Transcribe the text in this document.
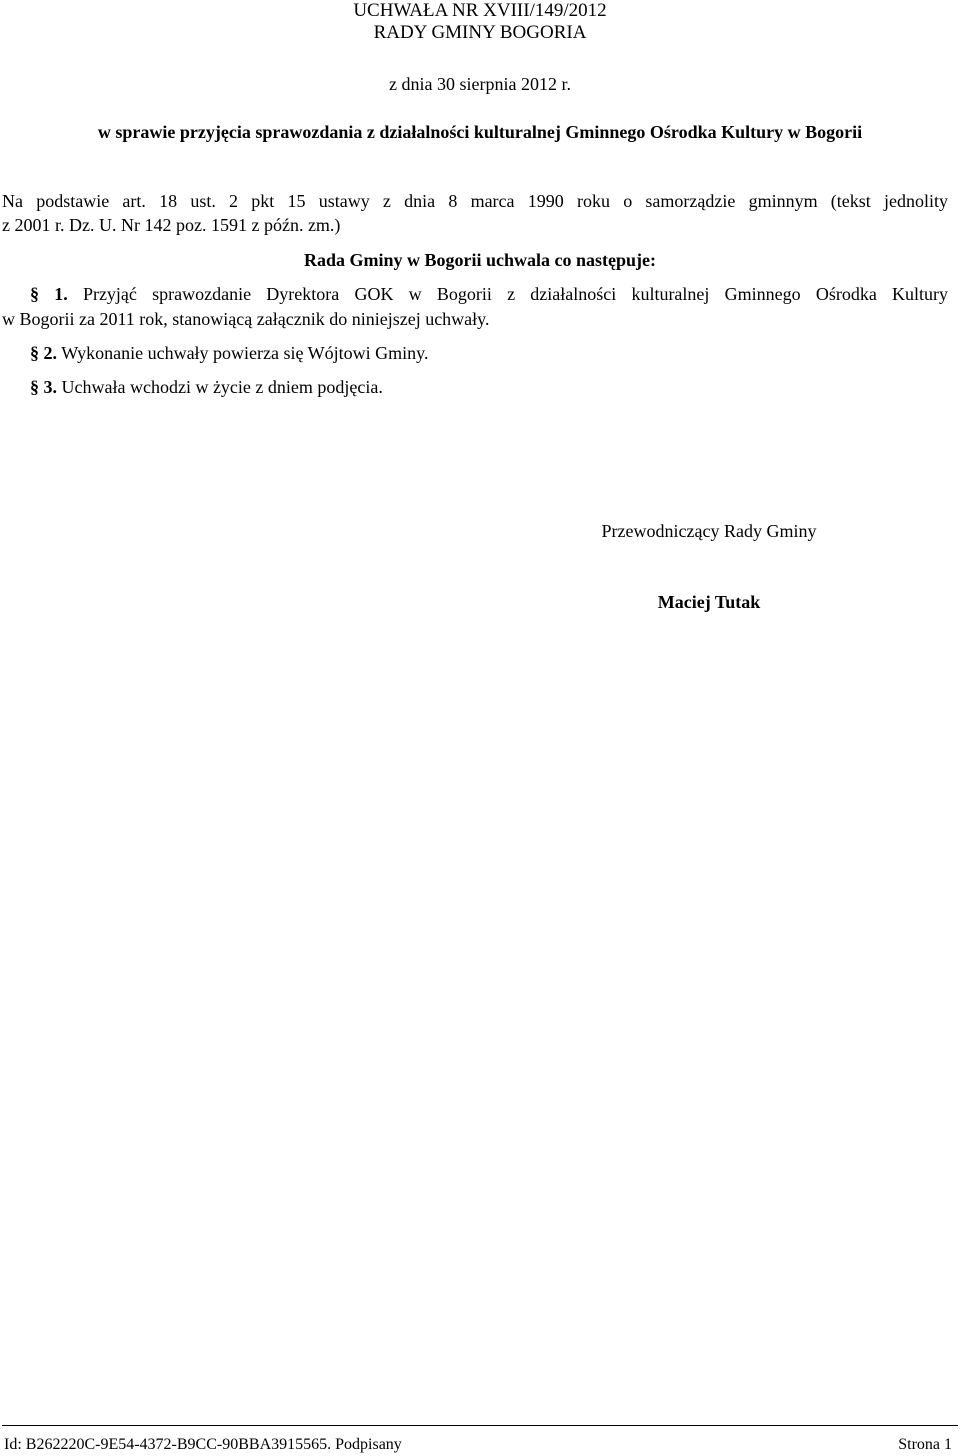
UCHWAŁA NR XVIII/149/2012
RADY GMINY BOGORIA
z dnia 30 sierpnia 2012 r.
w sprawie przyjęcia sprawozdania z działalności kulturalnej Gminnego Ośrodka Kultury w Bogorii
Na podstawie art. 18 ust. 2 pkt 15 ustawy z dnia 8 marca 1990 roku o samorządzie gminnym (tekst jednolity
z 2001 r. Dz. U. Nr 142 poz. 1591 z późn. zm.)
Rada Gminy w Bogorii uchwala co następuje:
§ 1. Przyjąć sprawozdanie Dyrektora GOK w Bogorii z działalności kulturalnej Gminnego Ośrodka Kultury
w Bogorii za 2011 rok, stanowiącą załącznik do niniejszej uchwały.
§ 2. Wykonanie uchwały powierza się Wójtowi Gminy.
§ 3. Uchwała wchodzi w życie z dniem podjęcia.
Przewodniczący Rady Gminy
Maciej Tutak
Id: B262220C-9E54-4372-B9CC-90BBA3915565. Podpisany	Strona 1
